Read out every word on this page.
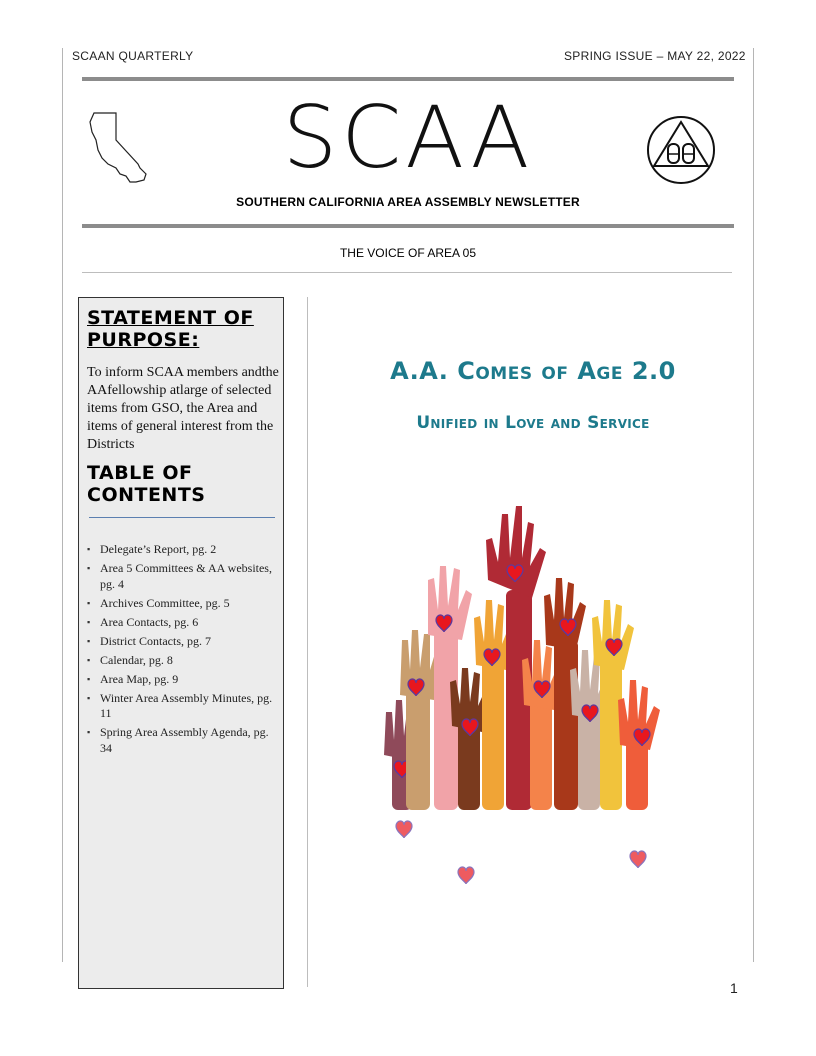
SCAAN QUARTERLY	SPRING ISSUE – MAY 22, 2022
SCAA
SOUTHERN CALIFORNIA AREA ASSEMBLY NEWSLETTER
THE VOICE OF AREA 05
STATEMENT OF PURPOSE:
To inform SCAA members andthe AAfellowship atlarge of selected items from GSO, the Area and items of general interest from the Districts
TABLE OF CONTENTS
▪ Delegate’s Report, pg. 2
▪ Area 5 Committees & AA websites, pg. 4
▪ Archives Committee, pg. 5
▪ Area Contacts, pg. 6
▪ District Contacts, pg. 7
▪ Calendar, pg. 8
▪ Area Map, pg. 9
▪ Winter Area Assembly Minutes, pg. 11
▪ Spring Area Assembly Agenda, pg. 34
A.A. Comes of Age 2.0
Unified in Love and Service
1
